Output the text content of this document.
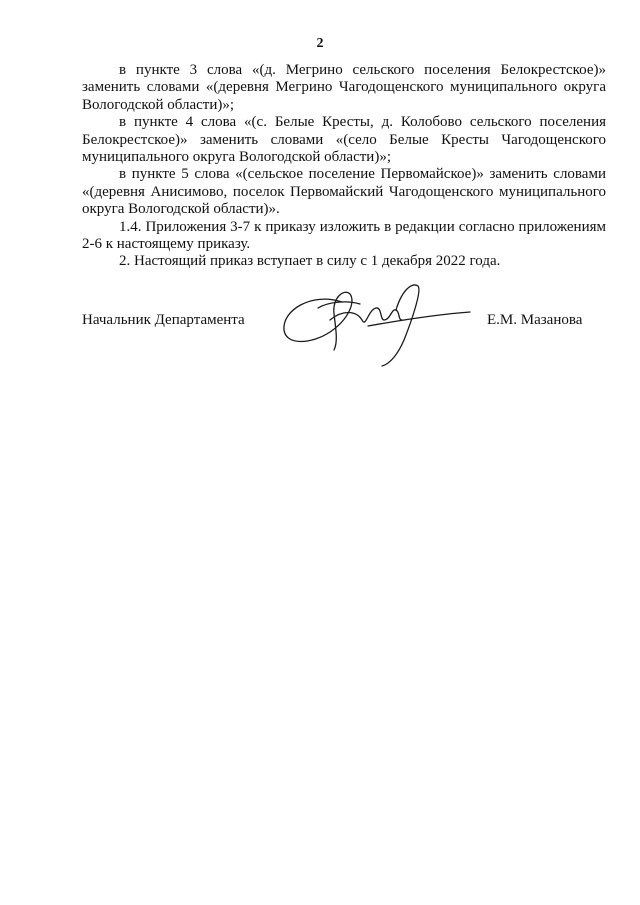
2

в пункте 3 слова «(д. Мегрино сельского поселения Белокрестское)» заменить словами «(деревня Мегрино Чагодощенского муниципального округа Вологодской области)»;

в пункте 4 слова «(с. Белые Кресты, д. Колобово сельского поселения Белокрестское)» заменить словами «(село Белые Кресты Чагодощенского муниципального округа Вологодской области)»;

в пункте 5 слова «(сельское поселение Первомайское)» заменить словами «(деревня Анисимово, поселок Первомайский Чагодощенского муниципального округа Вологодской области)».

1.4. Приложения 3-7 к приказу изложить в редакции согласно приложениям 2-6 к настоящему приказу.

2. Настоящий приказ вступает в силу с 1 декабря 2022 года.

Начальник Департамента	Е.М. Мазанова
